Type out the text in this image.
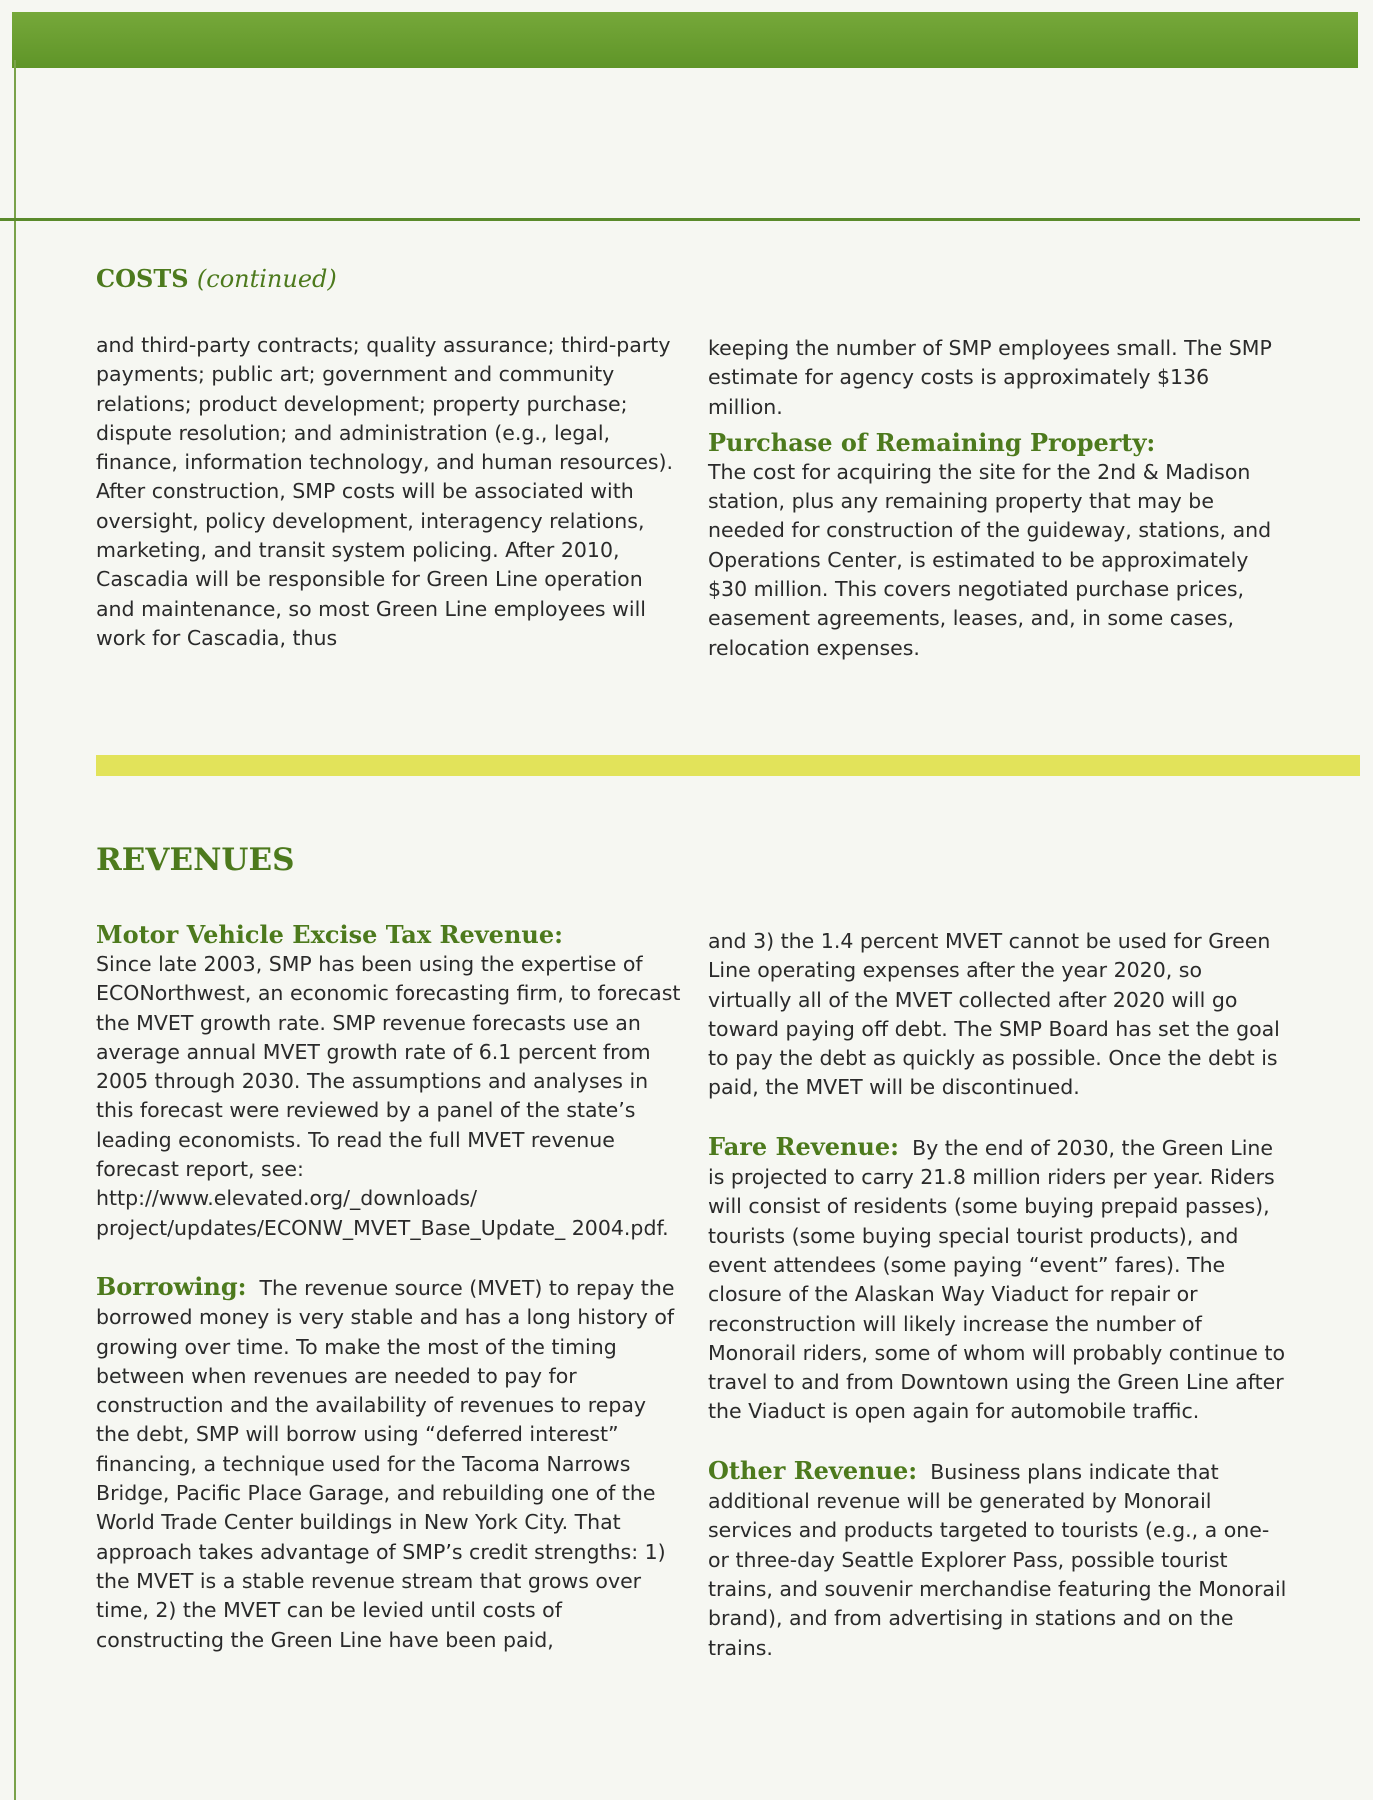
COSTS (continued)

and third-party contracts; quality assurance; third-party payments; public art; government and community relations; product development; property purchase; dispute resolution; and administration (e.g., legal, finance, information technology, and human resources). After construction, SMP costs will be associated with oversight, policy development, interagency relations, marketing, and transit system policing. After 2010, Cascadia will be responsible for Green Line operation and maintenance, so most Green Line employees will work for Cascadia, thus

keeping the number of SMP employees small. The SMP estimate for agency costs is approximately $136 million.

Purchase of Remaining Property:

The cost for acquiring the site for the 2nd & Madison station, plus any remaining property that may be needed for construction of the guideway, stations, and Operations Center, is estimated to be approximately $30 million. This covers negotiated purchase prices, easement agreements, leases, and, in some cases, relocation expenses.

REVENUES
Motor Vehicle Excise Tax Revenue:

Since late 2003, SMP has been using the expertise of ECONorthwest, an economic forecasting firm, to forecast the MVET growth rate. SMP revenue forecasts use an average annual MVET growth rate of 6.1 percent from 2005 through 2030. The assumptions and analyses in this forecast were reviewed by a panel of the state’s leading economists. To read the full MVET revenue forecast report, see: http://www.elevated.org/_downloads/ project/updates/ECONW_MVET_Base_Update_ 2004.pdf.

Borrowing: The revenue source (MVET) to repay the borrowed money is very stable and has a long history of growing over time. To make the most of the timing between when revenues are needed to pay for construction and the availability of revenues to repay the debt, SMP will borrow using “deferred interest” financing, a technique used for the Tacoma Narrows Bridge, Pacific Place Garage, and rebuilding one of the World Trade Center buildings in New York City. That approach takes advantage of SMP’s credit strengths: 1) the MVET is a stable revenue stream that grows over time, 2) the MVET can be levied until costs of constructing the Green Line have been paid,

and 3) the 1.4 percent MVET cannot be used for Green Line operating expenses after the year 2020, so virtually all of the MVET collected after 2020 will go toward paying off debt. The SMP Board has set the goal to pay the debt as quickly as possible. Once the debt is paid, the MVET will be discontinued.

Fare Revenue: By the end of 2030, the Green Line is projected to carry 21.8 million riders per year. Riders will consist of residents (some buying prepaid passes), tourists (some buying special tourist products), and event attendees (some paying “event” fares). The closure of the Alaskan Way Viaduct for repair or reconstruction will likely increase the number of Monorail riders, some of whom will probably continue to travel to and from Downtown using the Green Line after the Viaduct is open again for automobile traffic.

Other Revenue: Business plans indicate that additional revenue will be generated by Monorail services and products targeted to tourists (e.g., a one- or three-day Seattle Explorer Pass, possible tourist trains, and souvenir merchandise featuring the Monorail brand), and from advertising in stations and on the trains.
